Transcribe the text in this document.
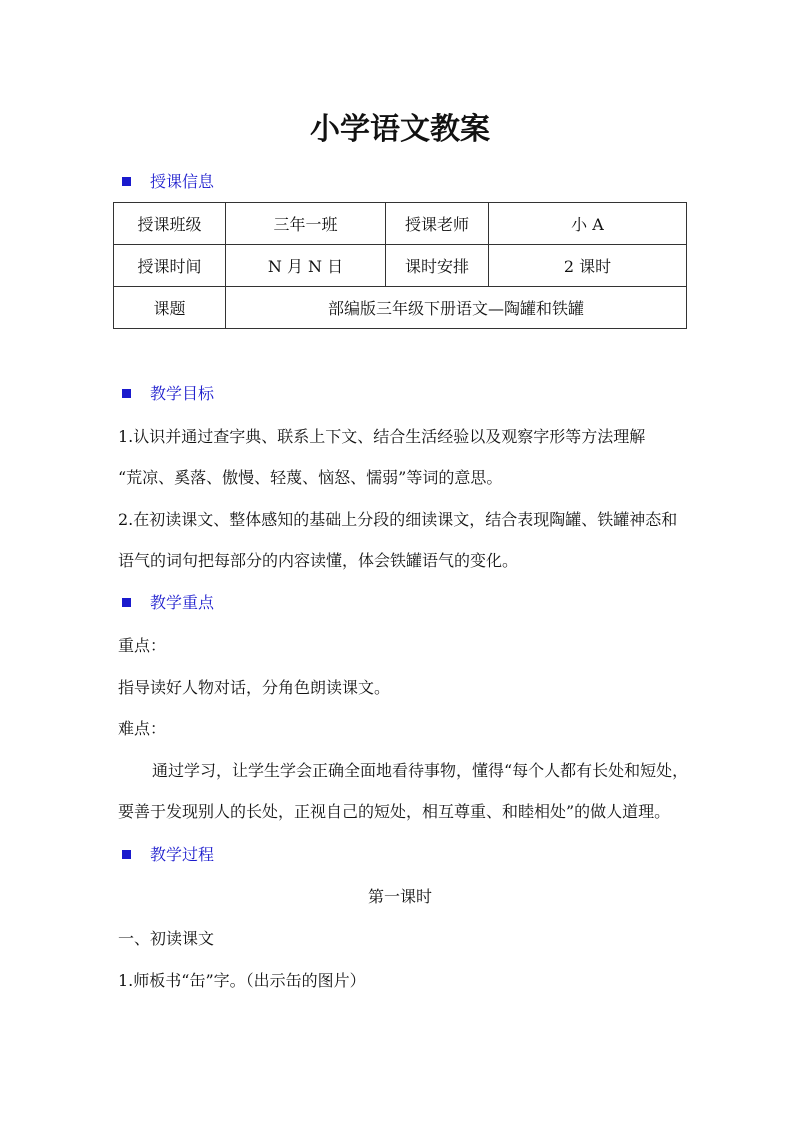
小学语文教案
授课信息
授课班级	三年一班	授课老师	小 A
授课时间	N 月 N 日	课时安排	2 课时
课题	部编版三年级下册语文—陶罐和铁罐		
教学目标
1.认识并通过查字典、联系上下文、结合生活经验以及观察字形等方法理解
“荒凉、奚落、傲慢、轻蔑、恼怒、懦弱”等词的意思。
2.在初读课文、整体感知的基础上分段的细读课文，结合表现陶罐、铁罐神态和
语气的词句把每部分的内容读懂，体会铁罐语气的变化。
教学重点
重点：
指导读好人物对话，分角色朗读课文。
难点：
通过学习，让学生学会正确全面地看待事物，懂得“每个人都有长处和短处，
要善于发现别人的长处，正视自己的短处，相互尊重、和睦相处”的做人道理。
教学过程
第一课时
一、初读课文
1.师板书“缶”字。（出示缶的图片）
